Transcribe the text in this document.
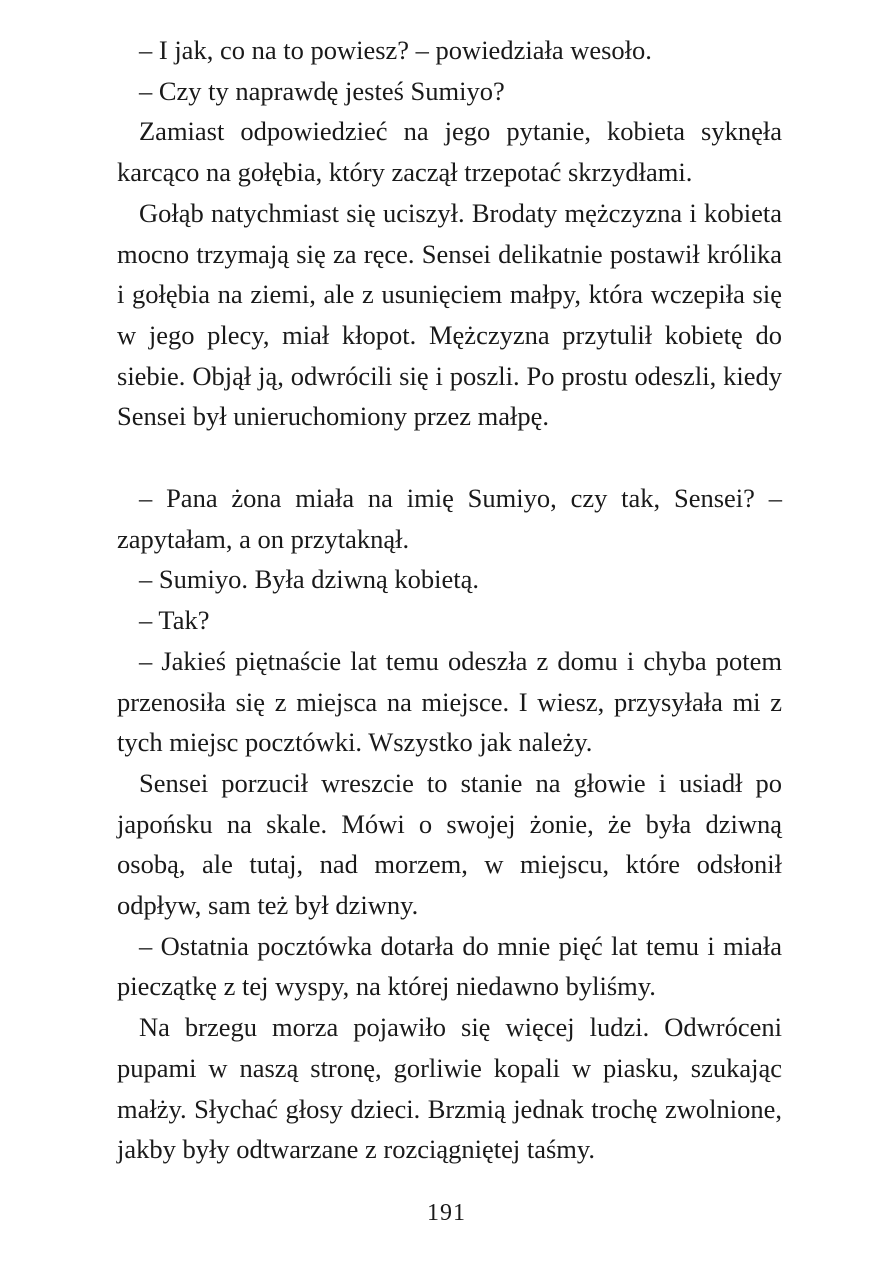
– I jak, co na to powiesz? – powiedziała wesoło.

– Czy ty naprawdę jesteś Sumiyo?

Zamiast odpowiedzieć na jego pytanie, kobieta syknęła karcąco na gołębia, który zaczął trzepotać skrzydłami.

Gołąb natychmiast się uciszył. Brodaty mężczyzna i kobieta mocno trzymają się za ręce. Sensei delikatnie postawił królika i gołębia na ziemi, ale z usunięciem małpy, która wczepiła się w jego plecy, miał kłopot. Mężczyzna przytulił kobietę do siebie. Objął ją, odwrócili się i poszli. Po prostu odeszli, kiedy Sensei był unieruchomiony przez małpę.

– Pana żona miała na imię Sumiyo, czy tak, Sensei? – zapytałam, a on przytaknął.

– Sumiyo. Była dziwną kobietą.

– Tak?

– Jakieś piętnaście lat temu odeszła z domu i chyba potem przenosiła się z miejsca na miejsce. I wiesz, przysyłała mi z tych miejsc pocztówki. Wszystko jak należy.

Sensei porzucił wreszcie to stanie na głowie i usiadł po japońsku na skale. Mówi o swojej żonie, że była dziwną osobą, ale tutaj, nad morzem, w miejscu, które odsłonił odpływ, sam też był dziwny.

– Ostatnia pocztówka dotarła do mnie pięć lat temu i miała pieczątkę z tej wyspy, na której niedawno byliśmy.

Na brzegu morza pojawiło się więcej ludzi. Odwróceni pupami w naszą stronę, gorliwie kopali w piasku, szukając małży. Słychać głosy dzieci. Brzmią jednak trochę zwolnione, jakby były odtwarzane z rozciągniętej taśmy.

191
